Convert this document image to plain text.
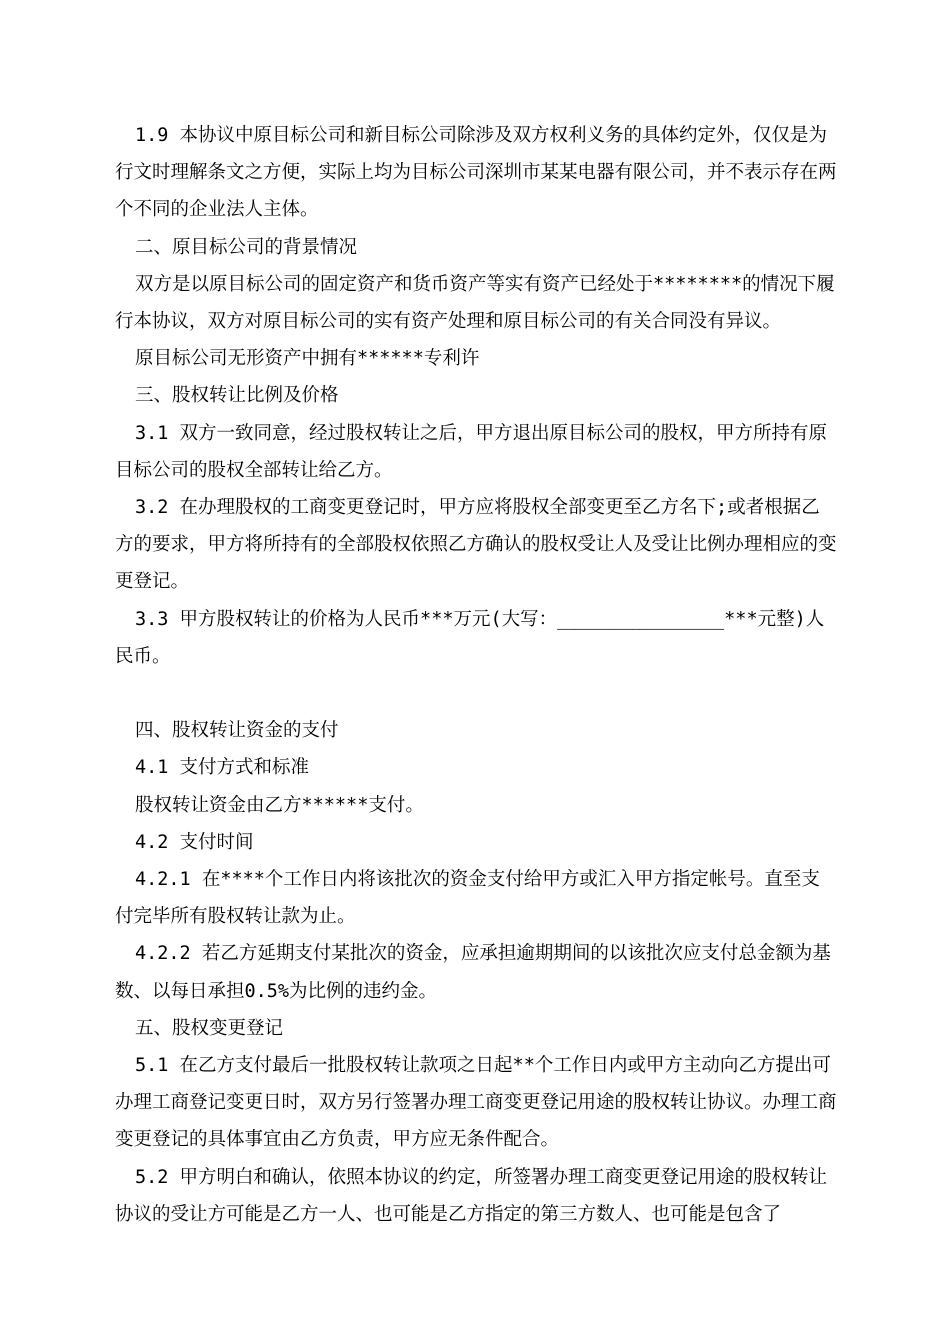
1.9 本协议中原目标公司和新目标公司除涉及双方权利义务的具体约定外，仅仅是为行文时理解条文之方便，实际上均为目标公司深圳市某某电器有限公司，并不表示存在两个不同的企业法人主体。

二、原目标公司的背景情况

双方是以原目标公司的固定资产和货币资产等实有资产已经处于********的情况下履行本协议，双方对原目标公司的实有资产处理和原目标公司的有关合同没有异议。

原目标公司无形资产中拥有******专利许

三、股权转让比例及价格

3.1 双方一致同意，经过股权转让之后，甲方退出原目标公司的股权，甲方所持有原目标公司的股权全部转让给乙方。

3.2 在办理股权的工商变更登记时，甲方应将股权全部变更至乙方名下;或者根据乙方的要求，甲方将所持有的全部股权依照乙方确认的股权受让人及受让比例办理相应的变更登记。

3.3 甲方股权转让的价格为人民币***万元(大写：_______________***元整)人民币。

四、股权转让资金的支付

4.1 支付方式和标准

股权转让资金由乙方******支付。

4.2 支付时间

4.2.1 在****个工作日内将该批次的资金支付给甲方或汇入甲方指定帐号。直至支付完毕所有股权转让款为止。

4.2.2 若乙方延期支付某批次的资金，应承担逾期期间的以该批次应支付总金额为基数、以每日承担0.5%为比例的违约金。

五、股权变更登记

5.1 在乙方支付最后一批股权转让款项之日起**个工作日内或甲方主动向乙方提出可办理工商登记变更日时，双方另行签署办理工商变更登记用途的股权转让协议。办理工商变更登记的具体事宜由乙方负责，甲方应无条件配合。

5.2 甲方明白和确认，依照本协议的约定，所签署办理工商变更登记用途的股权转让协议的受让方可能是乙方一人、也可能是乙方指定的第三方数人、也可能是包含了
